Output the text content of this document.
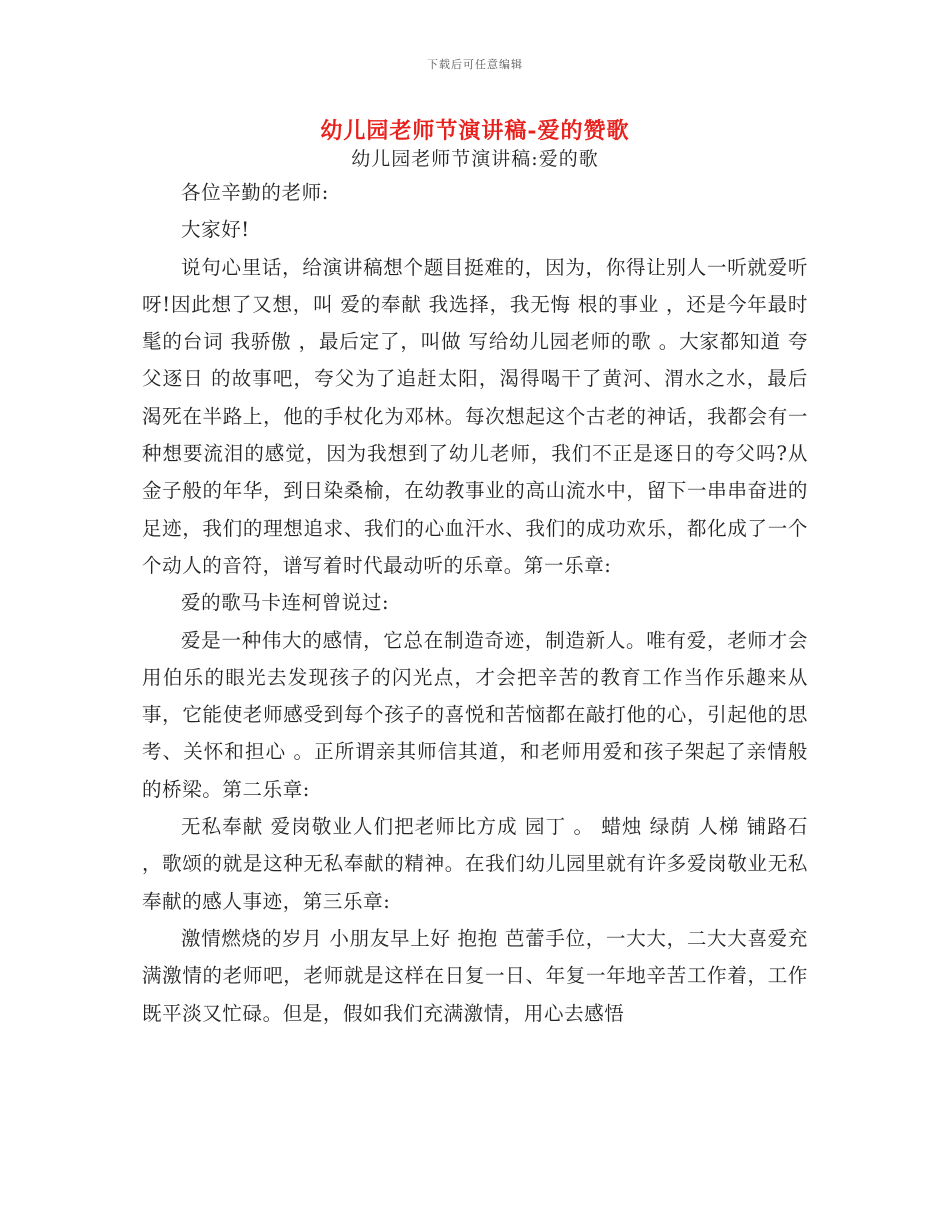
下载后可任意编辑
幼儿园老师节演讲稿-爱的赞歌
幼儿园老师节演讲稿:爱的歌

各位辛勤的老师:

大家好!

说句心里话，给演讲稿想个题目挺难的，因为，你得让别人一听就爱听呀!因此想了又想，叫 爱的奉献 我选择，我无悔 根的事业 ，还是今年最时髦的台词 我骄傲 ，最后定了，叫做 写给幼儿园老师的歌 。大家都知道 夸父逐日 的故事吧，夸父为了追赶太阳，渴得喝干了黄河、渭水之水，最后渴死在半路上，他的手杖化为邓林。每次想起这个古老的神话，我都会有一种想要流泪的感觉，因为我想到了幼儿老师，我们不正是逐日的夸父吗?从金子般的年华，到日染桑榆，在幼教事业的高山流水中，留下一串串奋进的足迹，我们的理想追求、我们的心血汗水、我们的成功欢乐，都化成了一个个动人的音符，谱写着时代最动听的乐章。第一乐章:

爱的歌马卡连柯曾说过:

爱是一种伟大的感情，它总在制造奇迹，制造新人。唯有爱，老师才会用伯乐的眼光去发现孩子的闪光点，才会把辛苦的教育工作当作乐趣来从事，它能使老师感受到每个孩子的喜悦和苦恼都在敲打他的心，引起他的思考、关怀和担心 。正所谓亲其师信其道，和老师用爱和孩子架起了亲情般的桥梁。第二乐章:

无私奉献 爱岗敬业人们把老师比方成 园丁 。 蜡烛 绿荫 人梯 铺路石 ，歌颂的就是这种无私奉献的精神。在我们幼儿园里就有许多爱岗敬业无私奉献的感人事迹，第三乐章:

激情燃烧的岁月 小朋友早上好 抱抱 芭蕾手位，一大大，二大大喜爱充满激情的老师吧，老师就是这样在日复一日、年复一年地辛苦工作着，工作既平淡又忙碌。但是，假如我们充满激情，用心去感悟
